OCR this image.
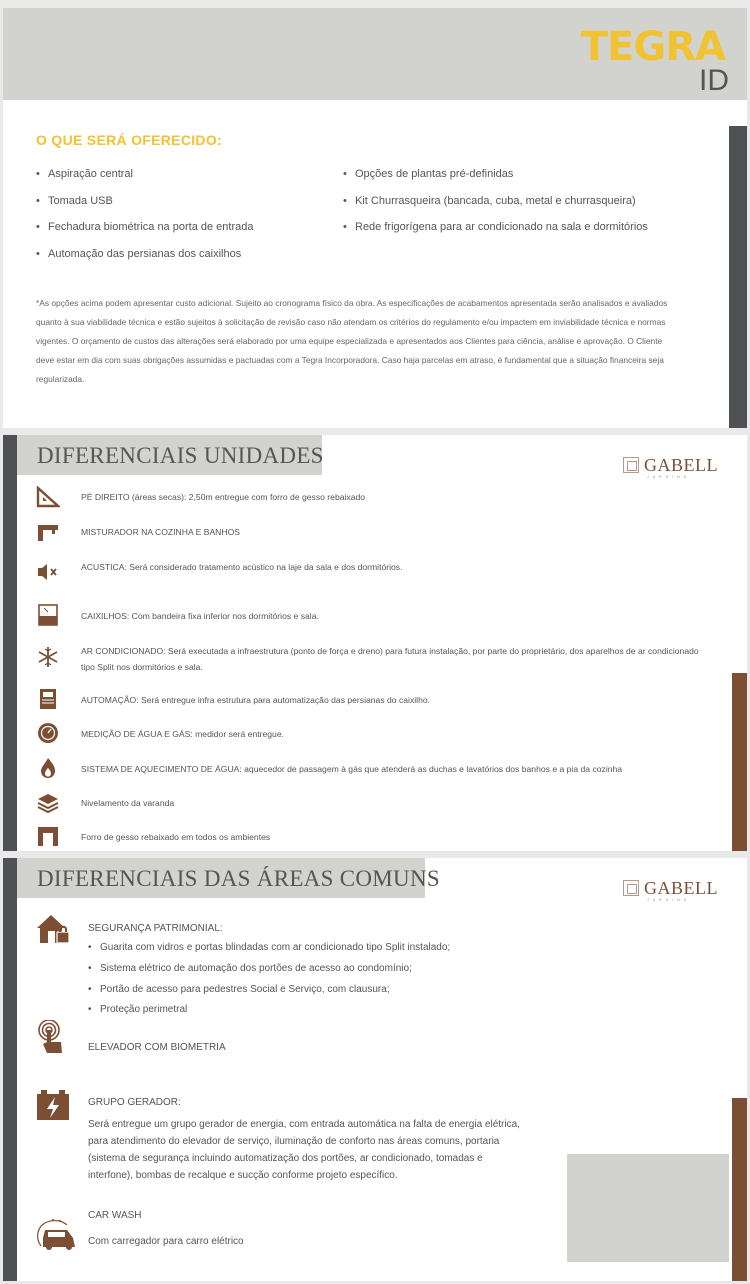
TEGRA
ID
O QUE SERÁ OFERECIDO:
• Aspiração central
• Tomada USB
• Fechadura biométrica na porta de entrada
• Automação das persianas dos caixilhos
• Opções de plantas pré-definidas
• Kit Churrasqueira (bancada, cuba, metal e churrasqueira)
• Rede frigorígena para ar condicionado na sala e dormitórios

*As opções acima podem apresentar custo adicional. Sujeito ao cronograma físico da obra. As especificações de acabamentos apresentada serão analisados e avaliados quanto à sua viabilidade técnica e estão sujeitos à solicitação de revisão caso não atendam os critérios do regulamento e/ou impactem em inviabilidade técnica e normas vigentes. O orçamento de custos das alterações será elaborado por uma equipe especializada e apresentados aos Clientes para ciência, análise e aprovação. O Cliente deve estar em dia com suas obrigações assumidas e pactuadas com a Tegra Incorporadora. Caso haja parcelas em atraso, é fundamental que a situação financeira seja regularizada.

DIFERENCIAIS UNIDADES	GABELL
JARDINS
PÉ DIREITO (áreas secas): 2,50m entregue com forro de gesso rebaixado
MISTURADOR NA COZINHA E BANHOS
ACUSTICA: Será considerado tratamento acústico na laje da sala e dos dormitórios.
CAIXILHOS: Com bandeira fixa inferior nos dormitórios e sala.
AR CONDICIONADO: Será executada a infraestrutura (ponto de força e dreno) para futura instalação, por parte do proprietário, dos aparelhos de ar condicionado tipo Split nos dormitórios e sala.
AUTOMAÇÃO: Será entregue infra estrutura para automatização das persianas do caixilho.
MEDIÇÃO DE ÁGUA E GÁS: medidor será entregue.
SISTEMA DE AQUECIMENTO DE ÁGUA: aquecedor de passagem à gás que atenderá as duchas e lavatórios dos banhos e a pia da cozinha
Nivelamento da varanda
Forro de gesso rebaixado em todos os ambientes
DIFERENCIAIS DAS ÁREAS COMUNS	GABELL
JARDINS
SEGURANÇA PATRIMONIAL:
• Guarita com vidros e portas blindadas com ar condicionado tipo Split instalado;
• Sistema elétrico de automação dos portões de acesso ao condomínio;
• Portão de acesso para pedestres Social e Serviço, com clausura;
• Proteção perimetral
ELEVADOR COM BIOMETRIA
GRUPO GERADOR:

Será entregue um grupo gerador de energia, com entrada automática na falta de energia elétrica, para atendimento do elevador de serviço, iluminação de conforto nas áreas comuns, portaria (sistema de segurança incluindo automatização dos portões, ar condicionado, tomadas e interfone), bombas de recalque e sucção conforme projeto específico.

CAR WASH
Com carregador para carro elétrico
